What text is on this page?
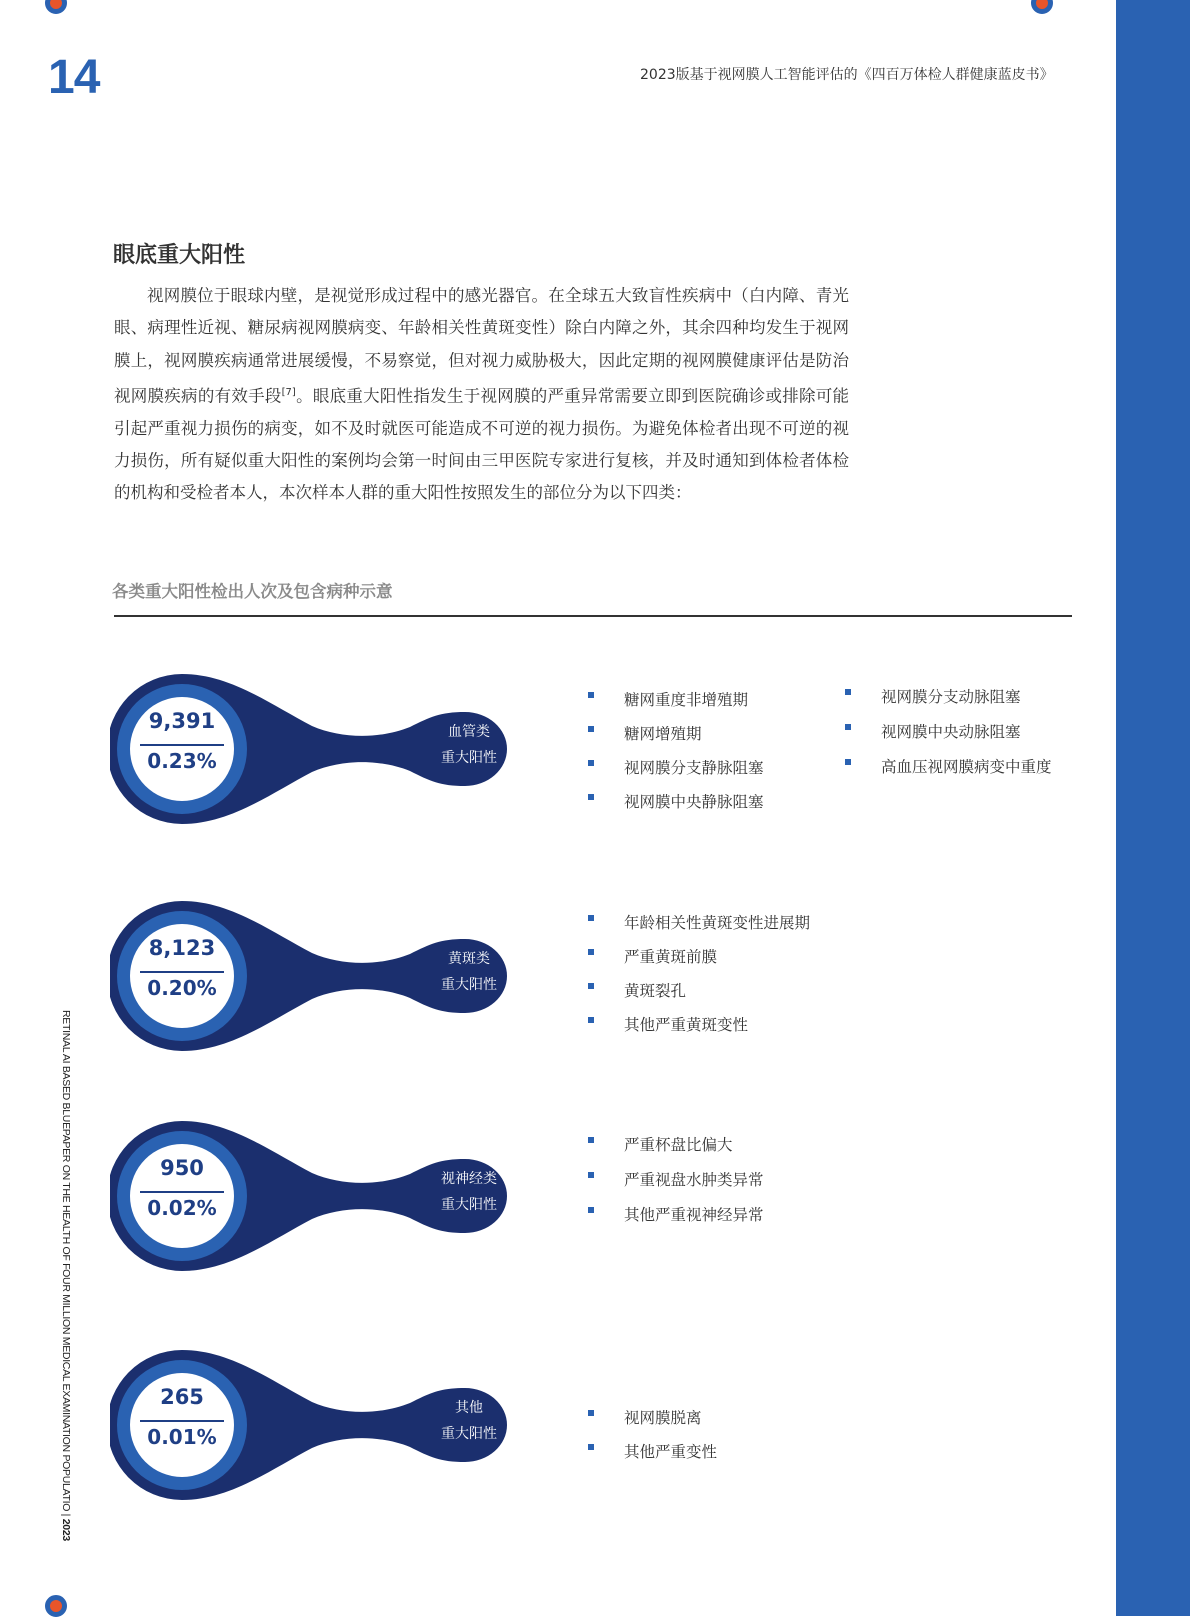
14	2023版基于视网膜人工智能评估的《四百万体检人群健康蓝皮书》
RETINAL AI BASED BLUEPAPER ON THE HEALTH OF FOUR MILLION MEDICAL EXAMINATION POPULATIO | 2023
眼底重大阳性

视网膜位于眼球内壁，是视觉形成过程中的感光器官。在全球五大致盲性疾病中（白内障、青光眼、病理性近视、糖尿病视网膜病变、年龄相关性黄斑变性）除白内障之外，其余四种均发生于视网膜上，视网膜疾病通常进展缓慢，不易察觉，但对视力威胁极大，因此定期的视网膜健康评估是防治视网膜疾病的有效手段[7]。眼底重大阳性指发生于视网膜的严重异常需要立即到医院确诊或排除可能引起严重视力损伤的病变，如不及时就医可能造成不可逆的视力损伤。为避免体检者出现不可逆的视力损伤，所有疑似重大阳性的案例均会第一时间由三甲医院专家进行复核，并及时通知到体检者体检的机构和受检者本人，本次样本人群的重大阳性按照发生的部位分为以下四类：

各类重大阳性检出人次及包含病种示意
9,391
0.23%
血管类
重大阳性
糖网重度非增殖期
糖网增殖期
视网膜分支静脉阻塞
视网膜中央静脉阻塞
视网膜分支动脉阻塞
视网膜中央动脉阻塞
高血压视网膜病变中重度
8,123
0.20%
黄斑类
重大阳性
年龄相关性黄斑变性进展期
严重黄斑前膜
黄斑裂孔
其他严重黄斑变性
950
0.02%
视神经类
重大阳性
严重杯盘比偏大
严重视盘水肿类异常
其他严重视神经异常
265
0.01%
其他
重大阳性
视网膜脱离
其他严重变性
